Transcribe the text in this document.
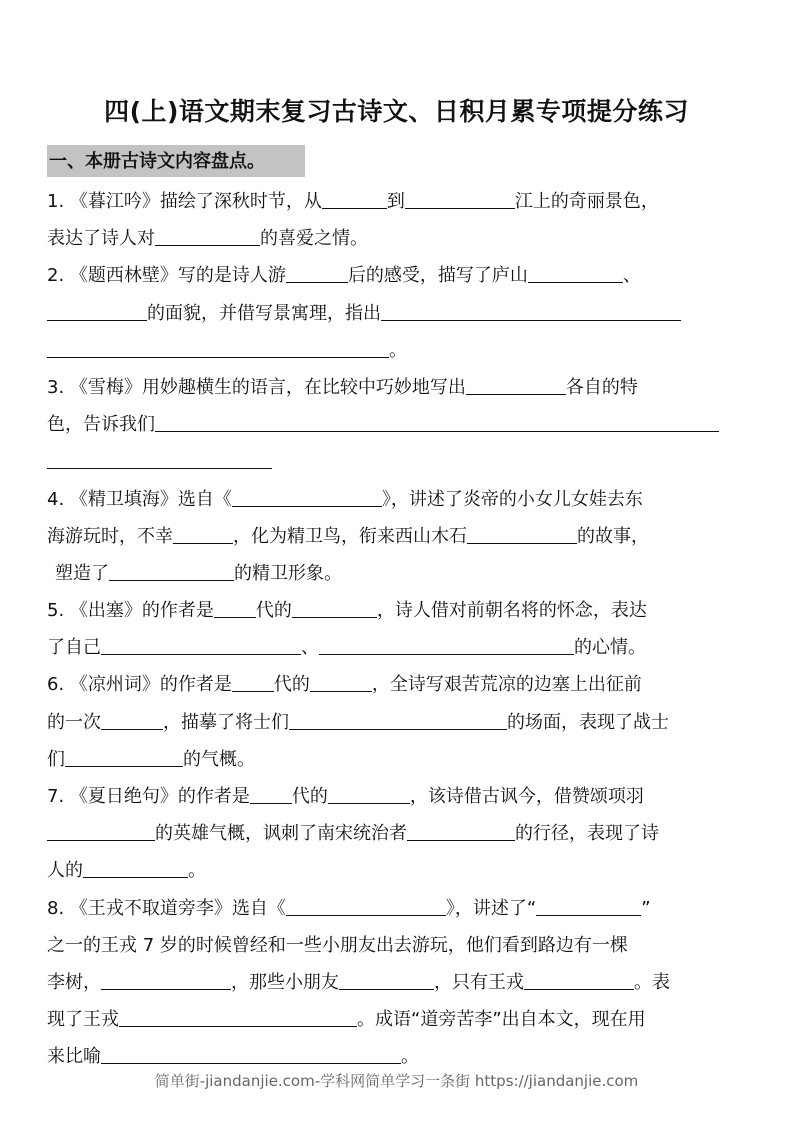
四(上)语文期末复习古诗文、日积月累专项提分练习
一、本册古诗文内容盘点。
1. 《暮江吟》描绘了深秋时节，从	到	江上的奇丽景色，
表达了诗人对	的喜爱之情。
2. 《题西林壁》写的是诗人游	后的感受，描写了庐山	、
的面貌，并借写景寓理，指出
。
3. 《雪梅》用妙趣横生的语言，在比较中巧妙地写出	各自的特
色，告诉我们
4. 《精卫填海》选自《	》，讲述了炎帝的小女儿女娃去东
海游玩时，不幸	，化为精卫鸟，衔来西山木石	的故事，
塑造了	的精卫形象。
5. 《出塞》的作者是 代的	，诗人借对前朝名将的怀念，表达
了自己	、	的心情。
6. 《凉州词》的作者是 代的	，全诗写艰苦荒凉的边塞上出征前
的一次	，描摹了将士们	的场面，表现了战士
们	的气概。
7. 《夏日绝句》的作者是 代的	，该诗借古讽今，借赞颂项羽
的英雄气概，讽刺了南宋统治者	的行径，表现了诗
人的	。
8. 《王戎不取道旁李》选自《	》，讲述了“	”
之一的王戎 7 岁的时候曾经和一些小朋友出去游玩，他们看到路边有一棵
李树，	，那些小朋友	，只有王戎	。表
现了王戎	。成语“道旁苦李”出自本文，现在用
来比喻	。
简单街-jiandanjie.com-学科网简单学习一条街 https://jiandanjie.com
